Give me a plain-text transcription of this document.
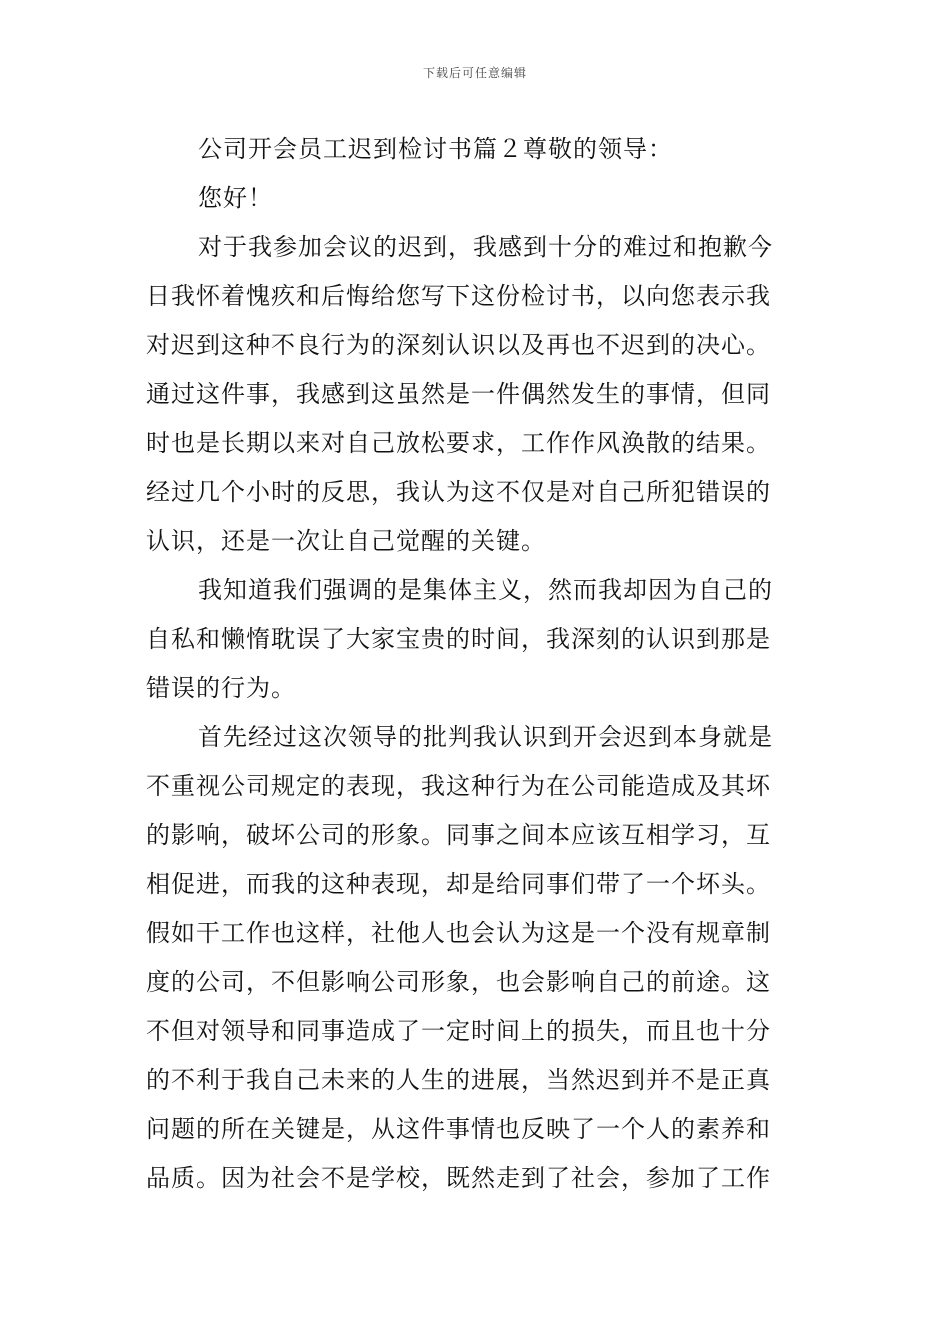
下载后可任意编辑
公司开会员工迟到检讨书篇２尊敬的领导：
您好！
对于我参加会议的迟到，我感到十分的难过和抱歉今
日我怀着愧疚和后悔给您写下这份检讨书，以向您表示我
对迟到这种不良行为的深刻认识以及再也不迟到的决心。
通过这件事，我感到这虽然是一件偶然发生的事情，但同
时也是长期以来对自己放松要求，工作作风涣散的结果。
经过几个小时的反思，我认为这不仅是对自己所犯错误的
认识，还是一次让自己觉醒的关键。
我知道我们强调的是集体主义，然而我却因为自己的
自私和懒惰耽误了大家宝贵的时间，我深刻的认识到那是
错误的行为。
首先经过这次领导的批判我认识到开会迟到本身就是
不重视公司规定的表现，我这种行为在公司能造成及其坏
的影响，破坏公司的形象。同事之间本应该互相学习，互
相促进，而我的这种表现，却是给同事们带了一个坏头。
假如干工作也这样，社他人也会认为这是一个没有规章制
度的公司，不但影响公司形象，也会影响自己的前途。这
不但对领导和同事造成了一定时间上的损失，而且也十分
的不利于我自己未来的人生的进展，当然迟到并不是正真
问题的所在关键是，从这件事情也反映了一个人的素养和
品质。因为社会不是学校，既然走到了社会，参加了工作
